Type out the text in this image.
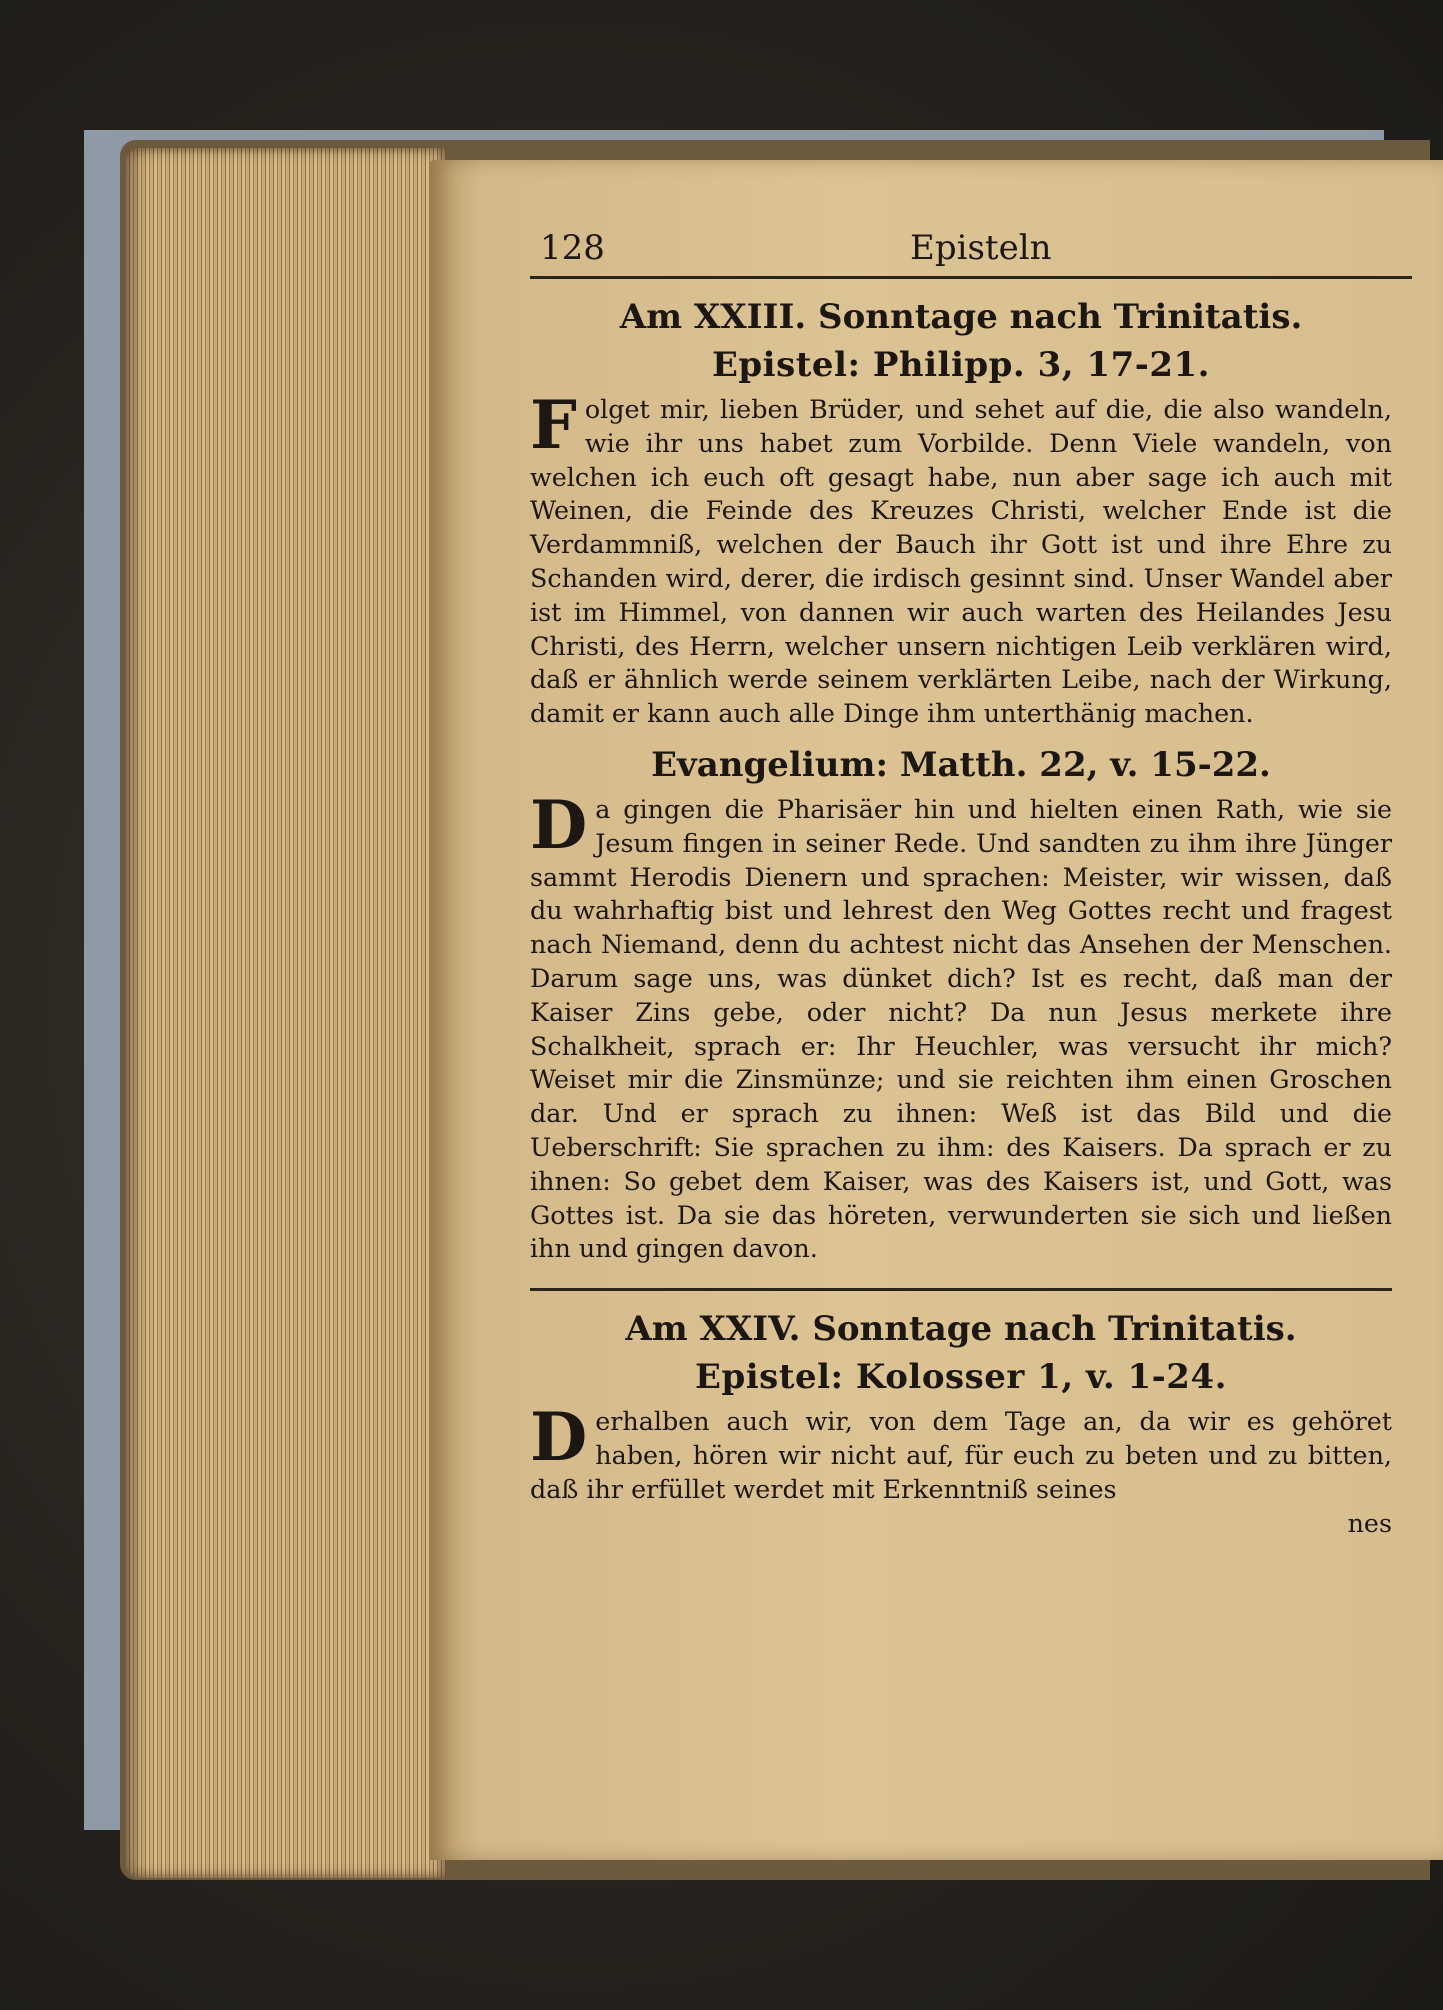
128	Episteln

Am XXIII. Sonntage nach Trinitatis.

Epistel: Philipp. 3, 17-21.

Folget mir, lieben Brüder, und sehet auf die, die also wandeln, wie ihr uns habet zum Vorbilde. Denn Viele wandeln, von welchen ich euch oft gesagt habe, nun aber sage ich auch mit Weinen, die Feinde des Kreuzes Christi, welcher Ende ist die Verdammniß, welchen der Bauch ihr Gott ist und ihre Ehre zu Schanden wird, derer, die irdisch gesinnt sind. Unser Wandel aber ist im Himmel, von dannen wir auch warten des Heilandes Jesu Christi, des Herrn, welcher unsern nichtigen Leib verklären wird, daß er ähnlich werde seinem verklärten Leibe, nach der Wirkung, damit er kann auch alle Dinge ihm unterthänig machen.

Evangelium: Matth. 22, v. 15-22.

Da gingen die Pharisäer hin und hielten einen Rath, wie sie Jesum fingen in seiner Rede. Und sandten zu ihm ihre Jünger sammt Herodis Dienern und sprachen: Meister, wir wissen, daß du wahrhaftig bist und lehrest den Weg Gottes recht und fragest nach Niemand, denn du achtest nicht das Ansehen der Menschen. Darum sage uns, was dünket dich? Ist es recht, daß man der Kaiser Zins gebe, oder nicht? Da nun Jesus merkete ihre Schalkheit, sprach er: Ihr Heuchler, was versucht ihr mich? Weiset mir die Zinsmünze; und sie reichten ihm einen Groschen dar. Und er sprach zu ihnen: Weß ist das Bild und die Ueberschrift: Sie sprachen zu ihm: des Kaisers. Da sprach er zu ihnen: So gebet dem Kaiser, was des Kaisers ist, und Gott, was Gottes ist. Da sie das höreten, verwunderten sie sich und ließen ihn und gingen davon.

Am XXIV. Sonntage nach Trinitatis.

Epistel: Kolosser 1, v. 1-24.

Derhalben auch wir, von dem Tage an, da wir es gehöret haben, hören wir nicht auf, für euch zu beten und zu bitten, daß ihr erfüllet werdet mit Erkenntniß seines

nes
